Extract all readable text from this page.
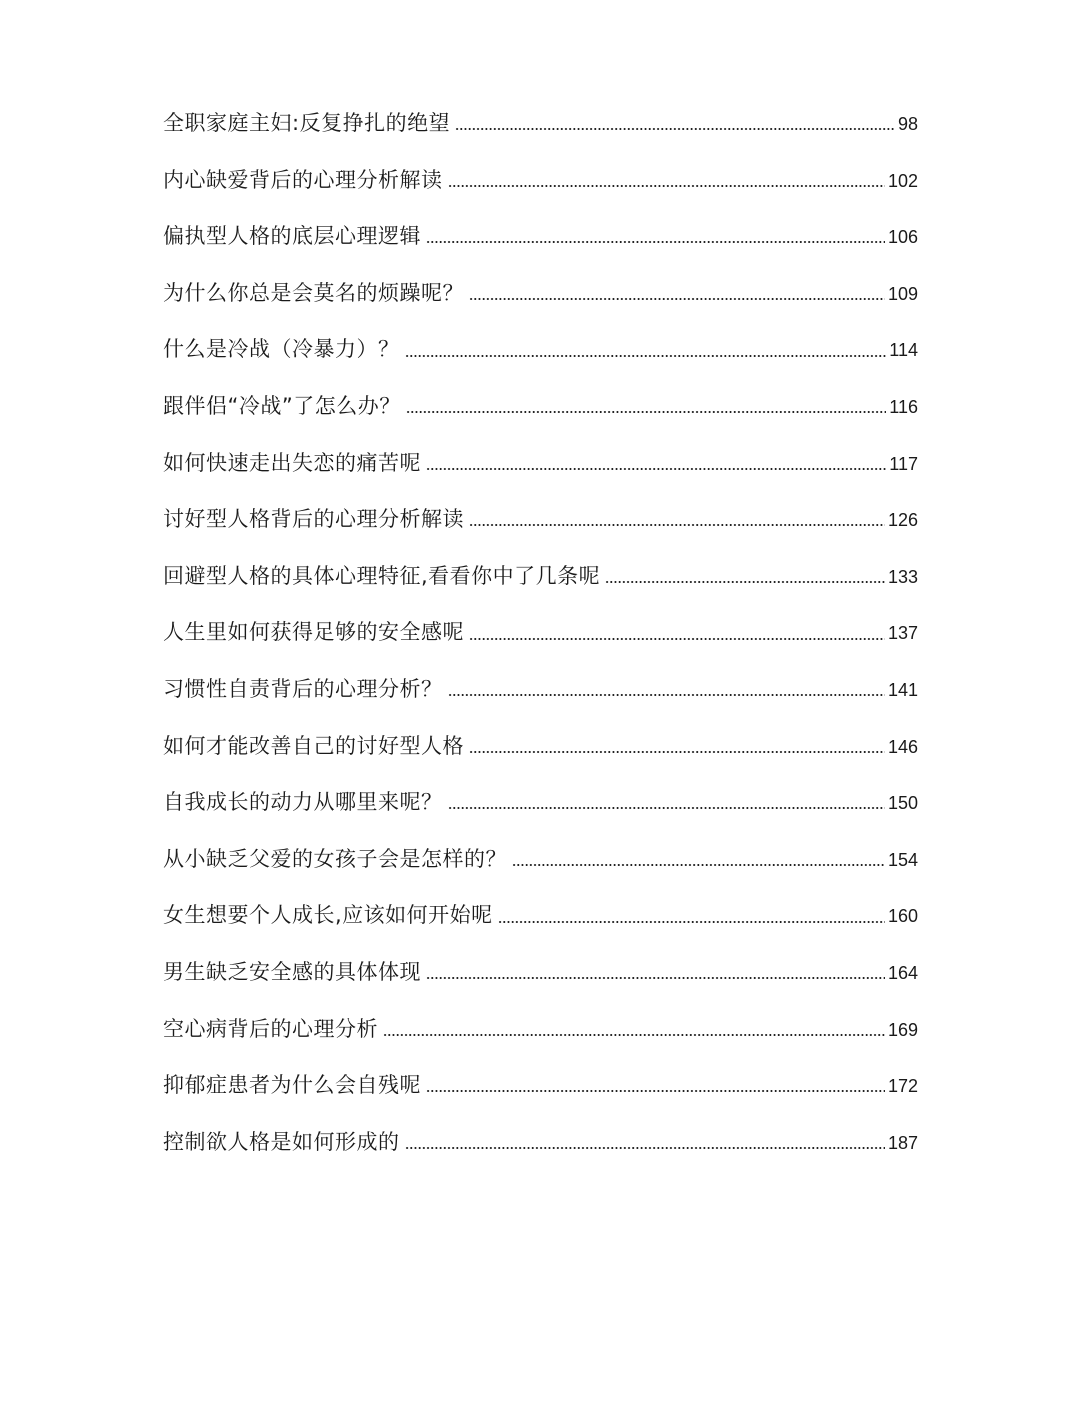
全职家庭主妇:反复挣扎的绝望	98
内心缺爱背后的心理分析解读	102
偏执型人格的底层心理逻辑	106
为什么你总是会莫名的烦躁呢？	109
什么是冷战（冷暴力）？	114
跟伴侣“冷战”了怎么办？	116
如何快速走出失恋的痛苦呢	117
讨好型人格背后的心理分析解读	126
回避型人格的具体心理特征,看看你中了几条呢	133
人生里如何获得足够的安全感呢	137
习惯性自责背后的心理分析？	141
如何才能改善自己的讨好型人格	146
自我成长的动力从哪里来呢？	150
从小缺乏父爱的女孩子会是怎样的？	154
女生想要个人成长,应该如何开始呢	160
男生缺乏安全感的具体体现	164
空心病背后的心理分析	169
抑郁症患者为什么会自残呢	172
控制欲人格是如何形成的	187
